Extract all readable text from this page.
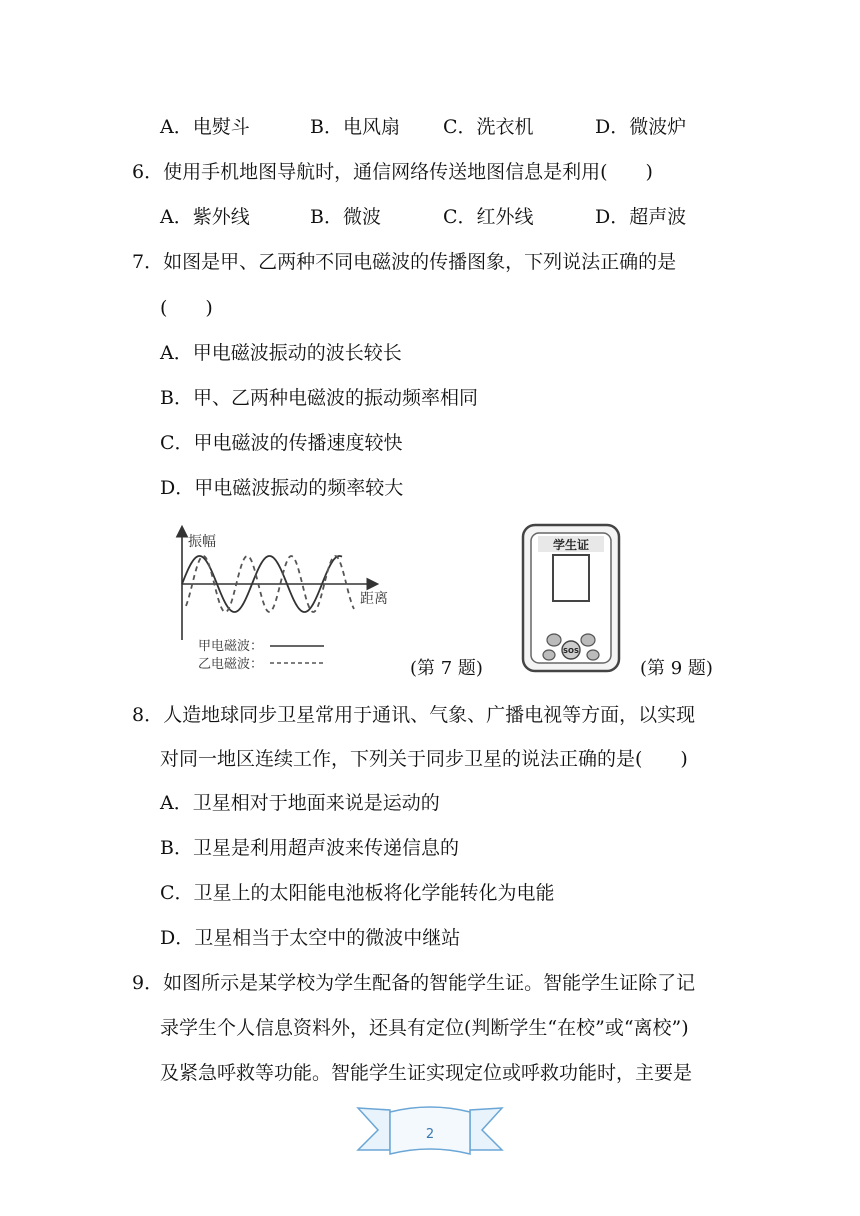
A．电熨斗	B．电风扇 C．洗衣机	D．微波炉
6．使用手机地图导航时，通信网络传送地图信息是利用(　　)
A．紫外线	B．微波	C．红外线	D．超声波
7．如图是甲、乙两种不同电磁波的传播图象，下列说法正确的是
(　　)
A．甲电磁波振动的波长较长
B．甲、乙两种电磁波的振动频率相同
C．甲电磁波的传播速度较快
D．甲电磁波振动的频率较大
振幅
距离
甲电磁波：
乙电磁波：	(第 7 题)
学生证
SOS
(第 9 题)
8．人造地球同步卫星常用于通讯、气象、广播电视等方面，以实现
对同一地区连续工作，下列关于同步卫星的说法正确的是(　　)
A．卫星相对于地面来说是运动的
B．卫星是利用超声波来传递信息的
C．卫星上的太阳能电池板将化学能转化为电能
D．卫星相当于太空中的微波中继站
9．如图所示是某学校为学生配备的智能学生证。智能学生证除了记
录学生个人信息资料外，还具有定位(判断学生“在校”或“离校”)
及紧急呼救等功能。智能学生证实现定位或呼救功能时，主要是
2
